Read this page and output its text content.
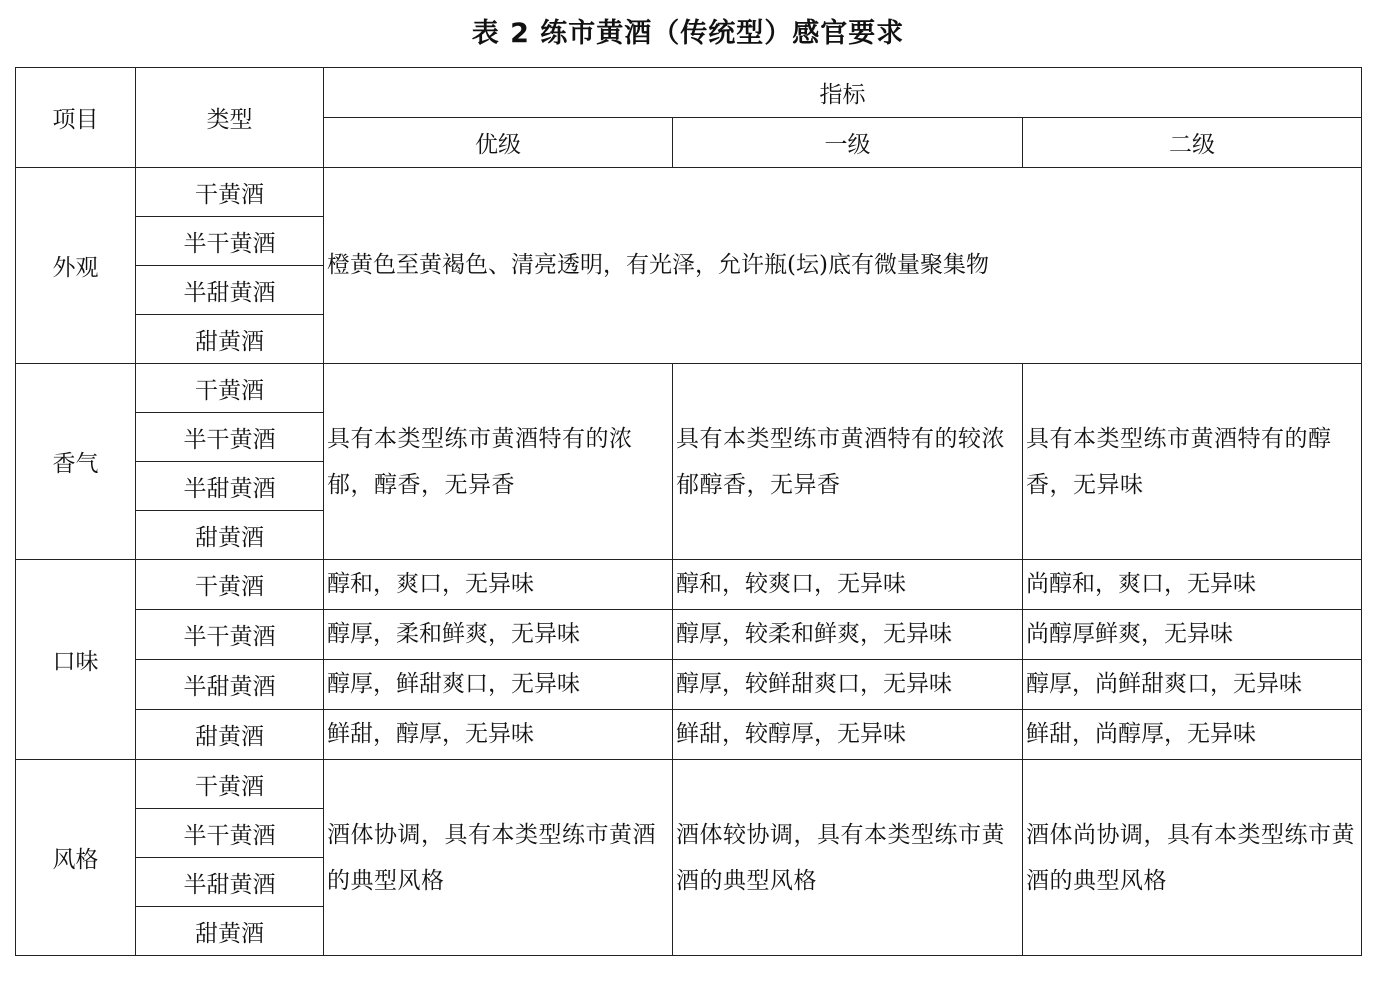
表 2 练市黄酒（传统型）感官要求
项目	类型	指标		
		优级	一级	二级
外观	干黄酒	橙黄色至黄褐色、清亮透明，有光泽，允许瓶(坛)底有微量聚集物		
	半干黄酒			
	半甜黄酒			
	甜黄酒			
香气	干黄酒	具有本类型练市黄酒特有的浓郁，醇香，无异香	具有本类型练市黄酒特有的较浓郁醇香，无异香	具有本类型练市黄酒特有的醇香，无异味
	半干黄酒			
	半甜黄酒			
	甜黄酒			
口味	干黄酒	醇和，爽口，无异味	醇和，较爽口，无异味	尚醇和，爽口，无异味
	半干黄酒	醇厚，柔和鲜爽，无异味	醇厚，较柔和鲜爽，无异味	尚醇厚鲜爽，无异味
	半甜黄酒	醇厚，鲜甜爽口，无异味	醇厚，较鲜甜爽口，无异味	醇厚，尚鲜甜爽口，无异味
	甜黄酒	鲜甜，醇厚，无异味	鲜甜，较醇厚，无异味	鲜甜，尚醇厚，无异味
风格	干黄酒	酒体协调，具有本类型练市黄酒的典型风格	酒体较协调，具有本类型练市黄酒的典型风格	酒体尚协调，具有本类型练市黄酒的典型风格
	半干黄酒			
	半甜黄酒			
	甜黄酒			
